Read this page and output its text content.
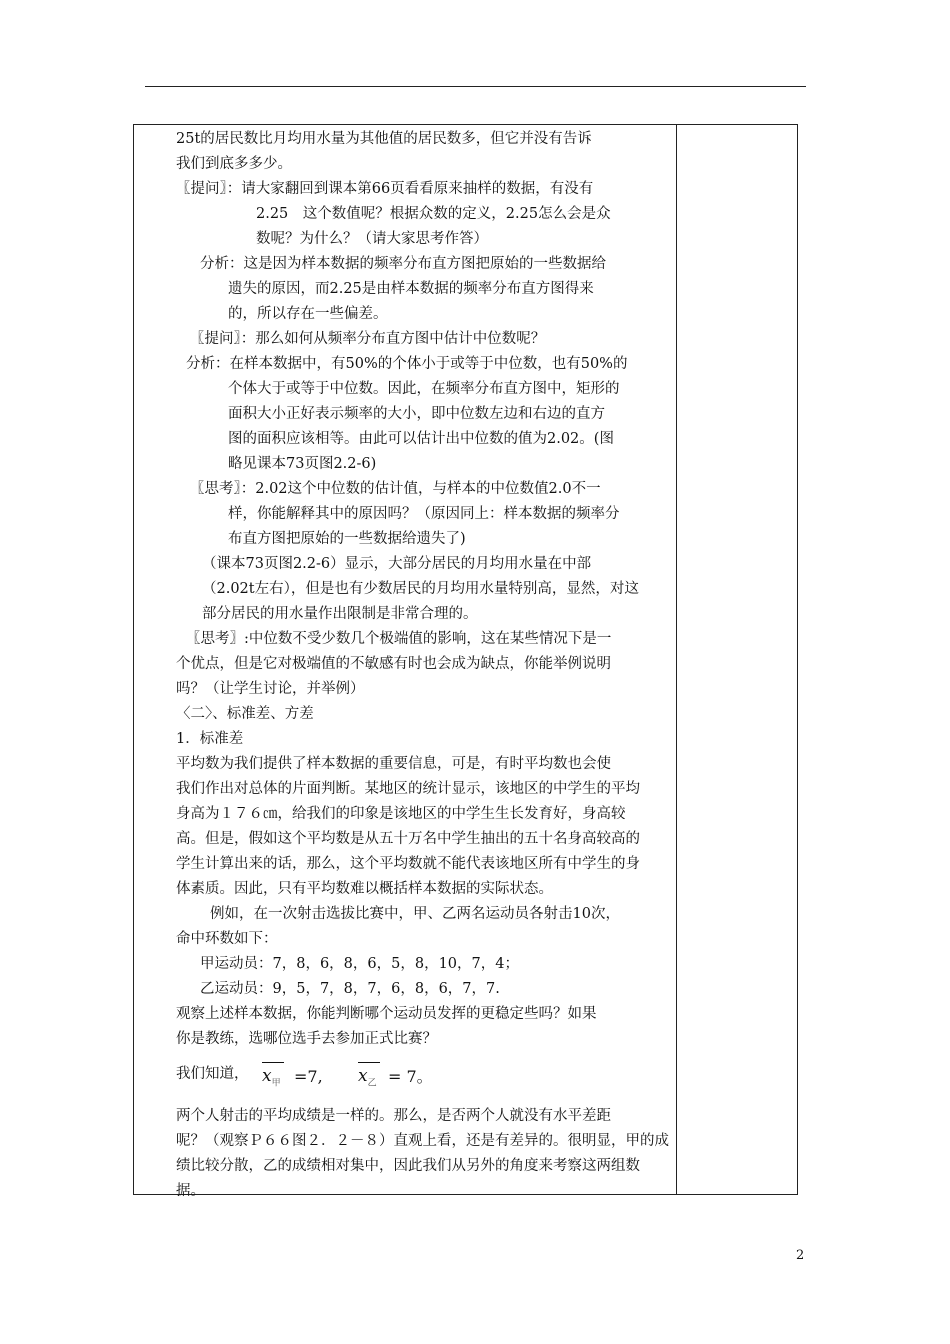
25t的居民数比月均用水量为其他值的居民数多，但它并没有告诉

我们到底多多少。

〖提问〗：请大家翻回到课本第66页看看原来抽样的数据，有没有

2.25　这个数值呢？根据众数的定义，2.25怎么会是众

数呢？为什么？（请大家思考作答）

分析：这是因为样本数据的频率分布直方图把原始的一些数据给

遗失的原因，而2.25是由样本数据的频率分布直方图得来

的，所以存在一些偏差。

〖提问〗：那么如何从频率分布直方图中估计中位数呢？

分析：在样本数据中，有50%的个体小于或等于中位数，也有50%的

个体大于或等于中位数。因此，在频率分布直方图中，矩形的

面积大小正好表示频率的大小，即中位数左边和右边的直方

图的面积应该相等。由此可以估计出中位数的值为2.02。(图

略见课本73页图2.2-6)

〖思考〗：2.02这个中位数的估计值，与样本的中位数值2.0不一

样，你能解释其中的原因吗？（原因同上：样本数据的频率分

布直方图把原始的一些数据给遗失了)

（课本73页图2.2-6）显示，大部分居民的月均用水量在中部

（2.02t左右），但是也有少数居民的月均用水量特别高，显然，对这

部分居民的用水量作出限制是非常合理的。

〖思考〗:中位数不受少数几个极端值的影响，这在某些情况下是一

个优点，但是它对极端值的不敏感有时也会成为缺点，你能举例说明

吗？（让学生讨论，并举例）

〈二〉、标准差、方差

1．标准差

平均数为我们提供了样本数据的重要信息，可是，有时平均数也会使

我们作出对总体的片面判断。某地区的统计显示，该地区的中学生的平均

身高为１７６㎝，给我们的印象是该地区的中学生生长发育好，身高较

高。但是，假如这个平均数是从五十万名中学生抽出的五十名身高较高的

学生计算出来的话，那么，这个平均数就不能代表该地区所有中学生的身

体素质。因此，只有平均数难以概括样本数据的实际状态。

例如，在一次射击选拔比赛中，甲、乙两名运动员各射击10次，

命中环数如下：

甲运动员：7，8，6，8，6，5，8，10，7，4；

乙运动员：9，5，7，8，7，6，8，6，7，7.

观察上述样本数据，你能判断哪个运动员发挥的更稳定些吗？如果

你是教练，选哪位选手去参加正式比赛？

我们知道， $x_甲 =7$, $x_乙 = 7$。

两个人射击的平均成绩是一样的。那么，是否两个人就没有水平差距

呢？（观察Ｐ６６图２．２－８）直观上看，还是有差异的。很明显，甲的成

绩比较分散，乙的成绩相对集中，因此我们从另外的角度来考察这两组数

据。

2
